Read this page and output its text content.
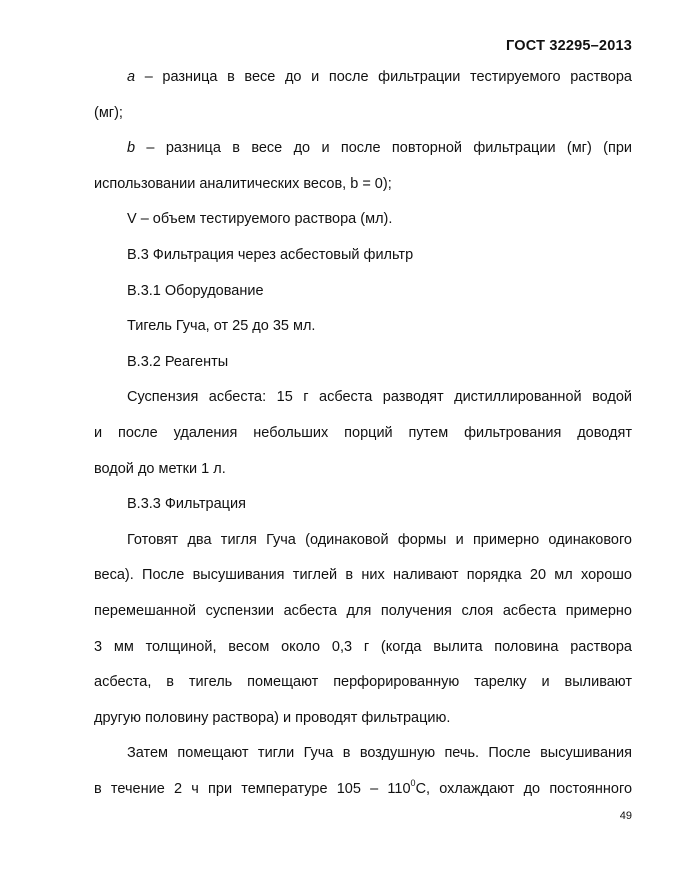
ГОСТ 32295–2013

a – разница в весе до и после фильтрации тестируемого раствора

(мг);

b – разница в весе до и после повторной фильтрации (мг) (при

использовании аналитических весов, b = 0);

V – объем тестируемого раствора (мл).

В.3 Фильтрация через асбестовый фильтр

В.3.1 Оборудование

Тигель Гуча, от 25 до 35 мл.

В.3.2 Реагенты

Суспензия асбеста: 15 г асбеста разводят дистиллированной водой

и после удаления небольших порций путем фильтрования доводят

водой до метки 1 л.

В.3.3 Фильтрация

Готовят два тигля Гуча (одинаковой формы и примерно одинакового

веса). После высушивания тиглей в них наливают порядка 20 мл хорошо

перемешанной суспензии асбеста для получения слоя асбеста примерно

3 мм толщиной, весом около 0,3 г (когда вылита половина раствора

асбеста, в тигель помещают перфорированную тарелку и выливают

другую половину раствора) и проводят фильтрацию.

Затем помещают тигли Гуча в воздушную печь. После высушивания

в течение 2 ч при температуре $105 - 110^0С$, охлаждают до постоянного

49
